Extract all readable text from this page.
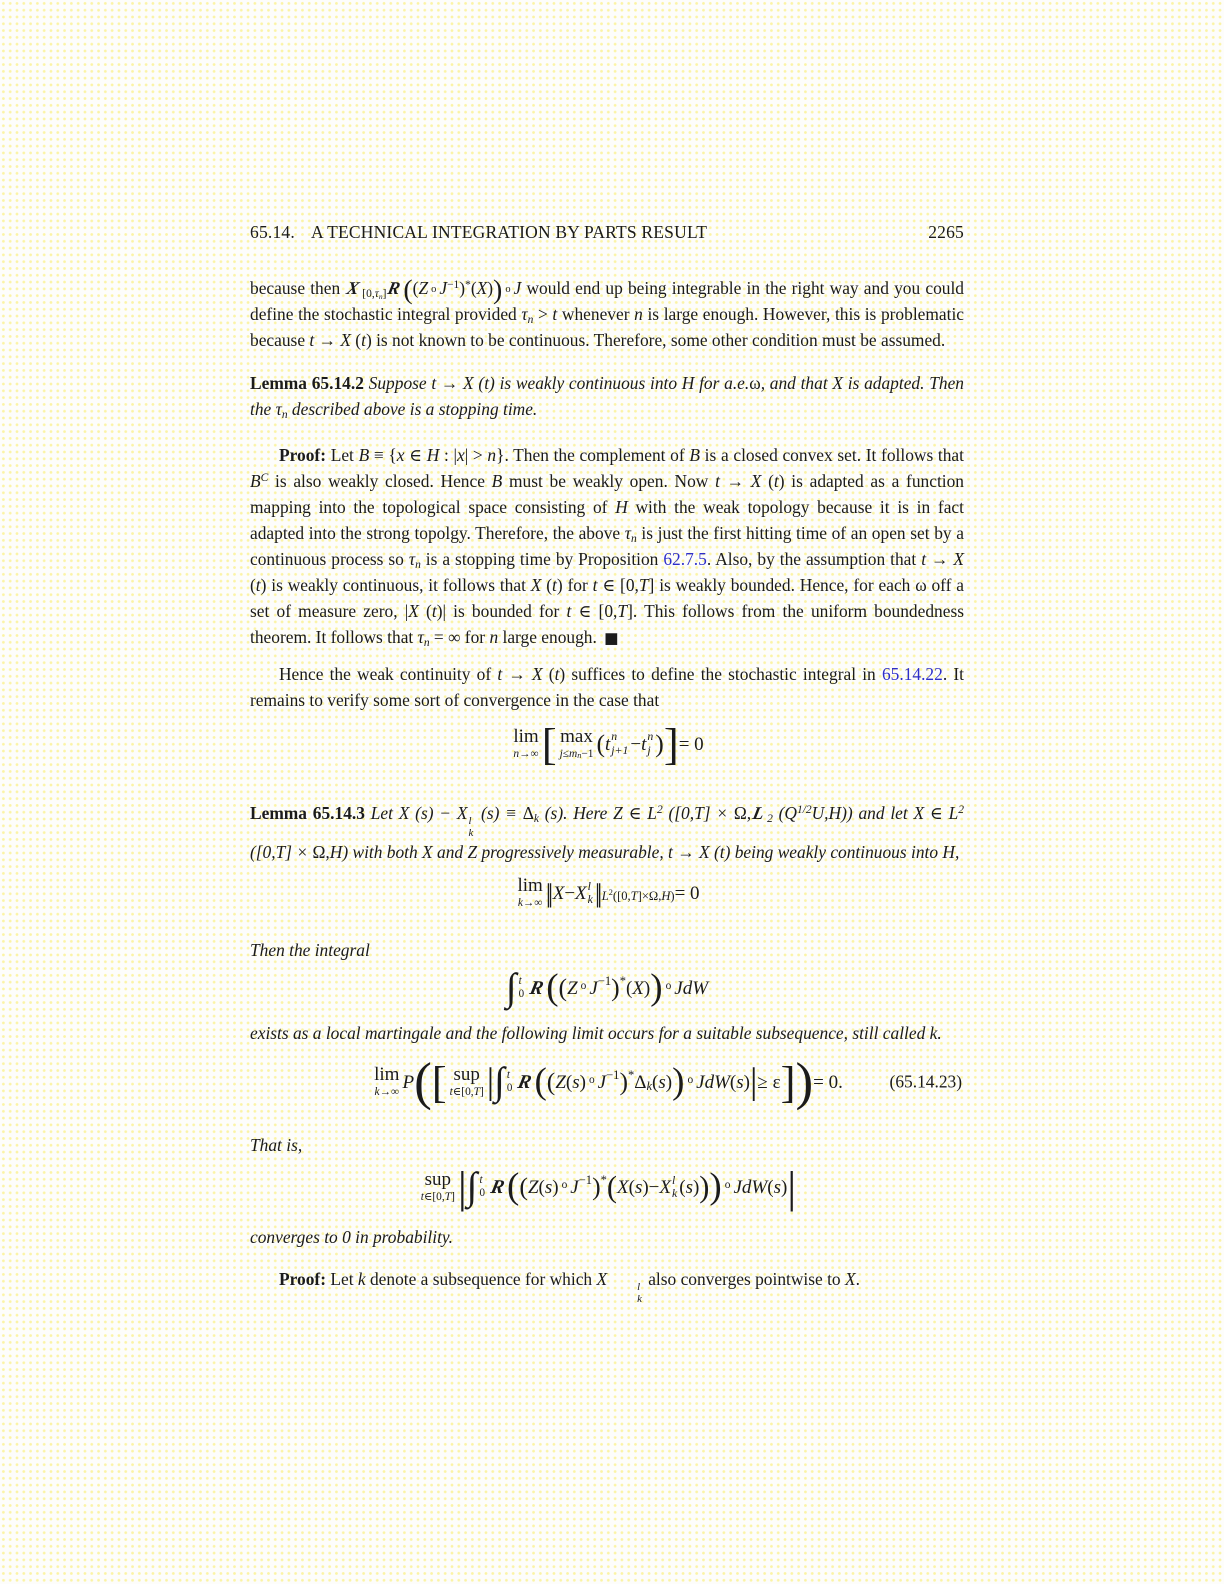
65.14. A TECHNICAL INTEGRATION BY PARTS RESULT	2265

because then X[0,τn]R((Z o $J^{-1})^*(X)$) o J would end up being integrable in the right way and you could define the stochastic integral provided τn > t whenever n is large enough. However, this is problematic because t → X (t) is not known to be continuous. Therefore, some other condition must be assumed.

Lemma 65.14.2 Suppose t → X (t) is weakly continuous into H for a.e.ω, and that X is adapted. Then the τn described above is a stopping time.

Proof: Let B ≡ {x ∈ H : |x| > n}. Then the complement of B is a closed convex set. It follows that $B^C$ is also weakly closed. Hence B must be weakly open. Now t → X (t) is adapted as a function mapping into the topological space consisting of H with the weak topology because it is in fact adapted into the strong topolgy. Therefore, the above τn is just the first hitting time of an open set by a continuous process so τn is a stopping time by Proposition 62.7.5. Also, by the assumption that t → X (t) is weakly continuous, it follows that X (t) for t ∈ [0,T] is weakly bounded. Hence, for each ω off a set of measure zero, |X (t)| is bounded for t ∈ [0,T]. This follows from the uniform boundedness theorem. It follows that τn = ∞ for n large enough. ■

Hence the weak continuity of t → X (t) suffices to define the stochastic integral in 65.14.22. It remains to verify some sort of convergence in the case that

lim
n→∞ [ max
j≤mn−1 ( t n
j+1 − t n
j ) ] = 0

Lemma 65.14.3 Let X (s) − X l
k
(s) ≡ Δk (s). Here Z ∈ $L^2$ ([0,T] × Ω,L2 $(Q^{1/2}U,H)$) and let X ∈ $L^2$ ([0,T] × Ω,H) with both X and Z progressively measurable, t → X (t) being weakly continuous into H,

lim
k→∞ || X − X l
k || $L^2([0,T]\times\Omega,H) = 0$

Then the integral

∫ t
0 R ( ( Z o J −1 ) * ( X ) ) o JdW

exists as a local martingale and the following limit occurs for a suitable subsequence, still called k.

lim
k→∞ P ( [ sup
t∈[0,T] | ∫ t
0 R ( ( Z ( s ) o J −1 ) * Δ k ( s ) ) o JdW ( s ) | ≥ ε ] ) = 0.	(65.14.23)

That is,

sup
t∈[0,T] | ∫ t
0 R ( ( Z ( s ) o J −1 ) * ( X ( s ) − X l
k ( s ) ) ) o JdW ( s ) |

converges to 0 in probability.

Proof: Let k denote a subsequence for which X	l
k
also converges pointwise to X.
